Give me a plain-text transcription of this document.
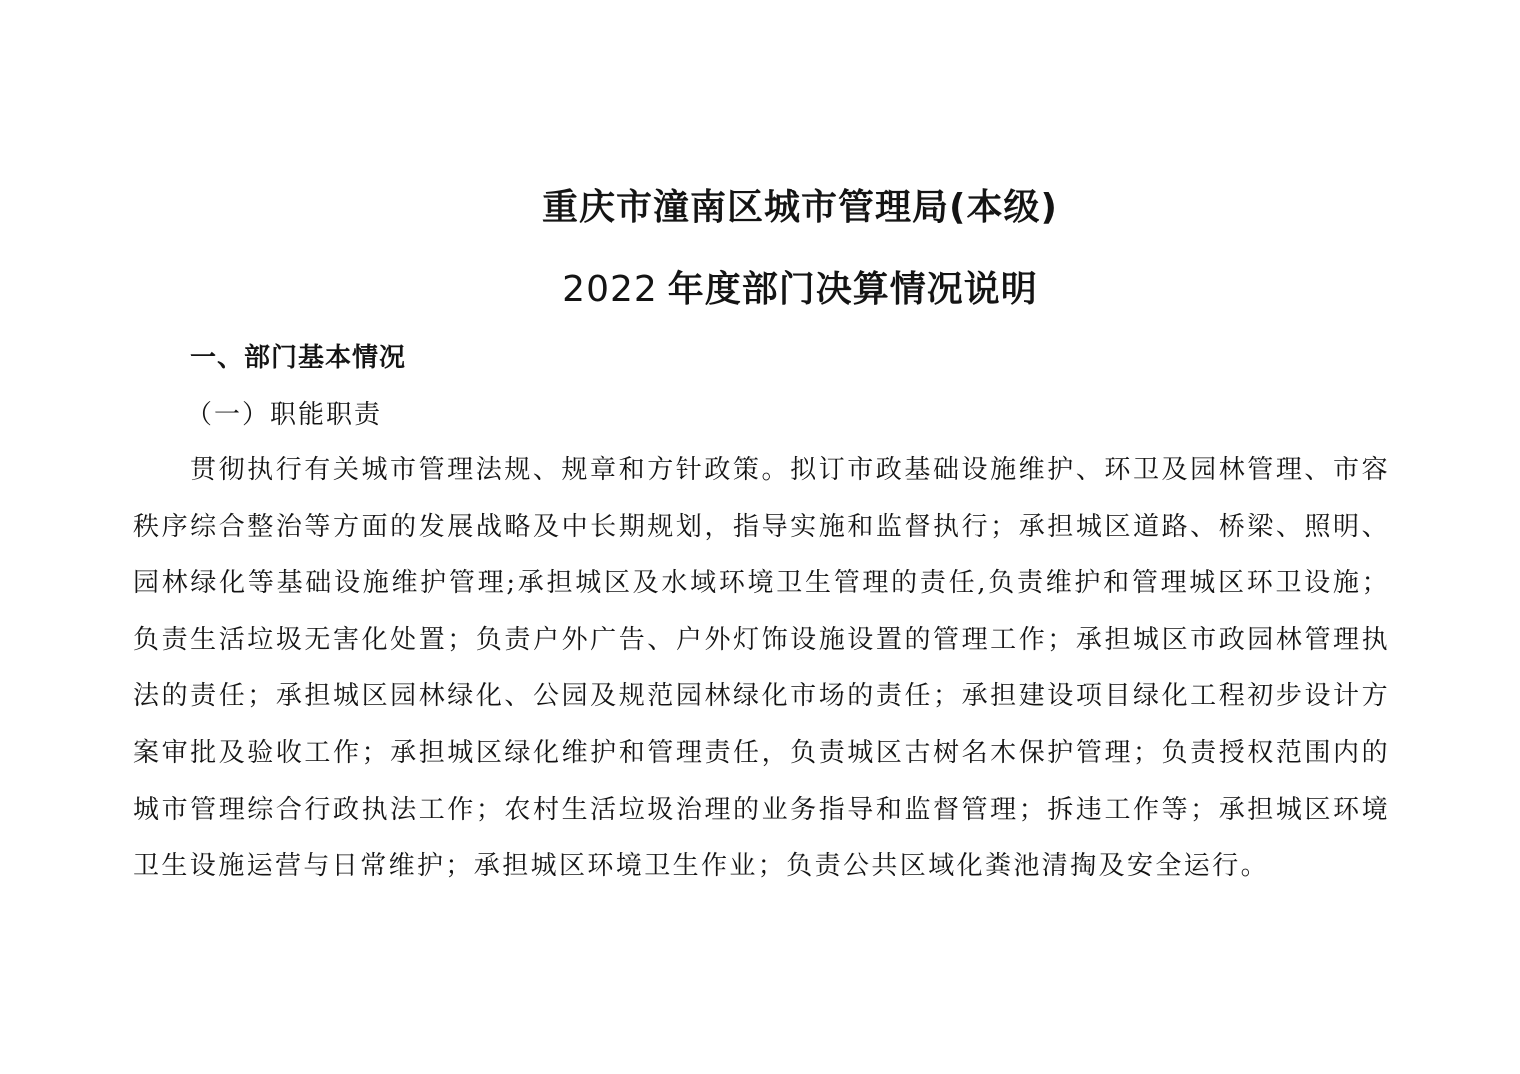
重庆市潼南区城市管理局(本级)
2022 年度部门决算情况说明
一、部门基本情况
（一）职能职责
贯彻执行有关城市管理法规、规章和方针政策。拟订市政基础设施维护、环卫及园林管理、市容
秩序综合整治等方面的发展战略及中长期规划，指导实施和监督执行；承担城区道路、桥梁、照明、
园林绿化等基础设施维护管理;承担城区及水域环境卫生管理的责任,负责维护和管理城区环卫设施；
负责生活垃圾无害化处置；负责户外广告、户外灯饰设施设置的管理工作；承担城区市政园林管理执
法的责任；承担城区园林绿化、公园及规范园林绿化市场的责任；承担建设项目绿化工程初步设计方
案审批及验收工作；承担城区绿化维护和管理责任，负责城区古树名木保护管理；负责授权范围内的
城市管理综合行政执法工作；农村生活垃圾治理的业务指导和监督管理；拆违工作等；承担城区环境
卫生设施运营与日常维护；承担城区环境卫生作业；负责公共区域化粪池清掏及安全运行。
